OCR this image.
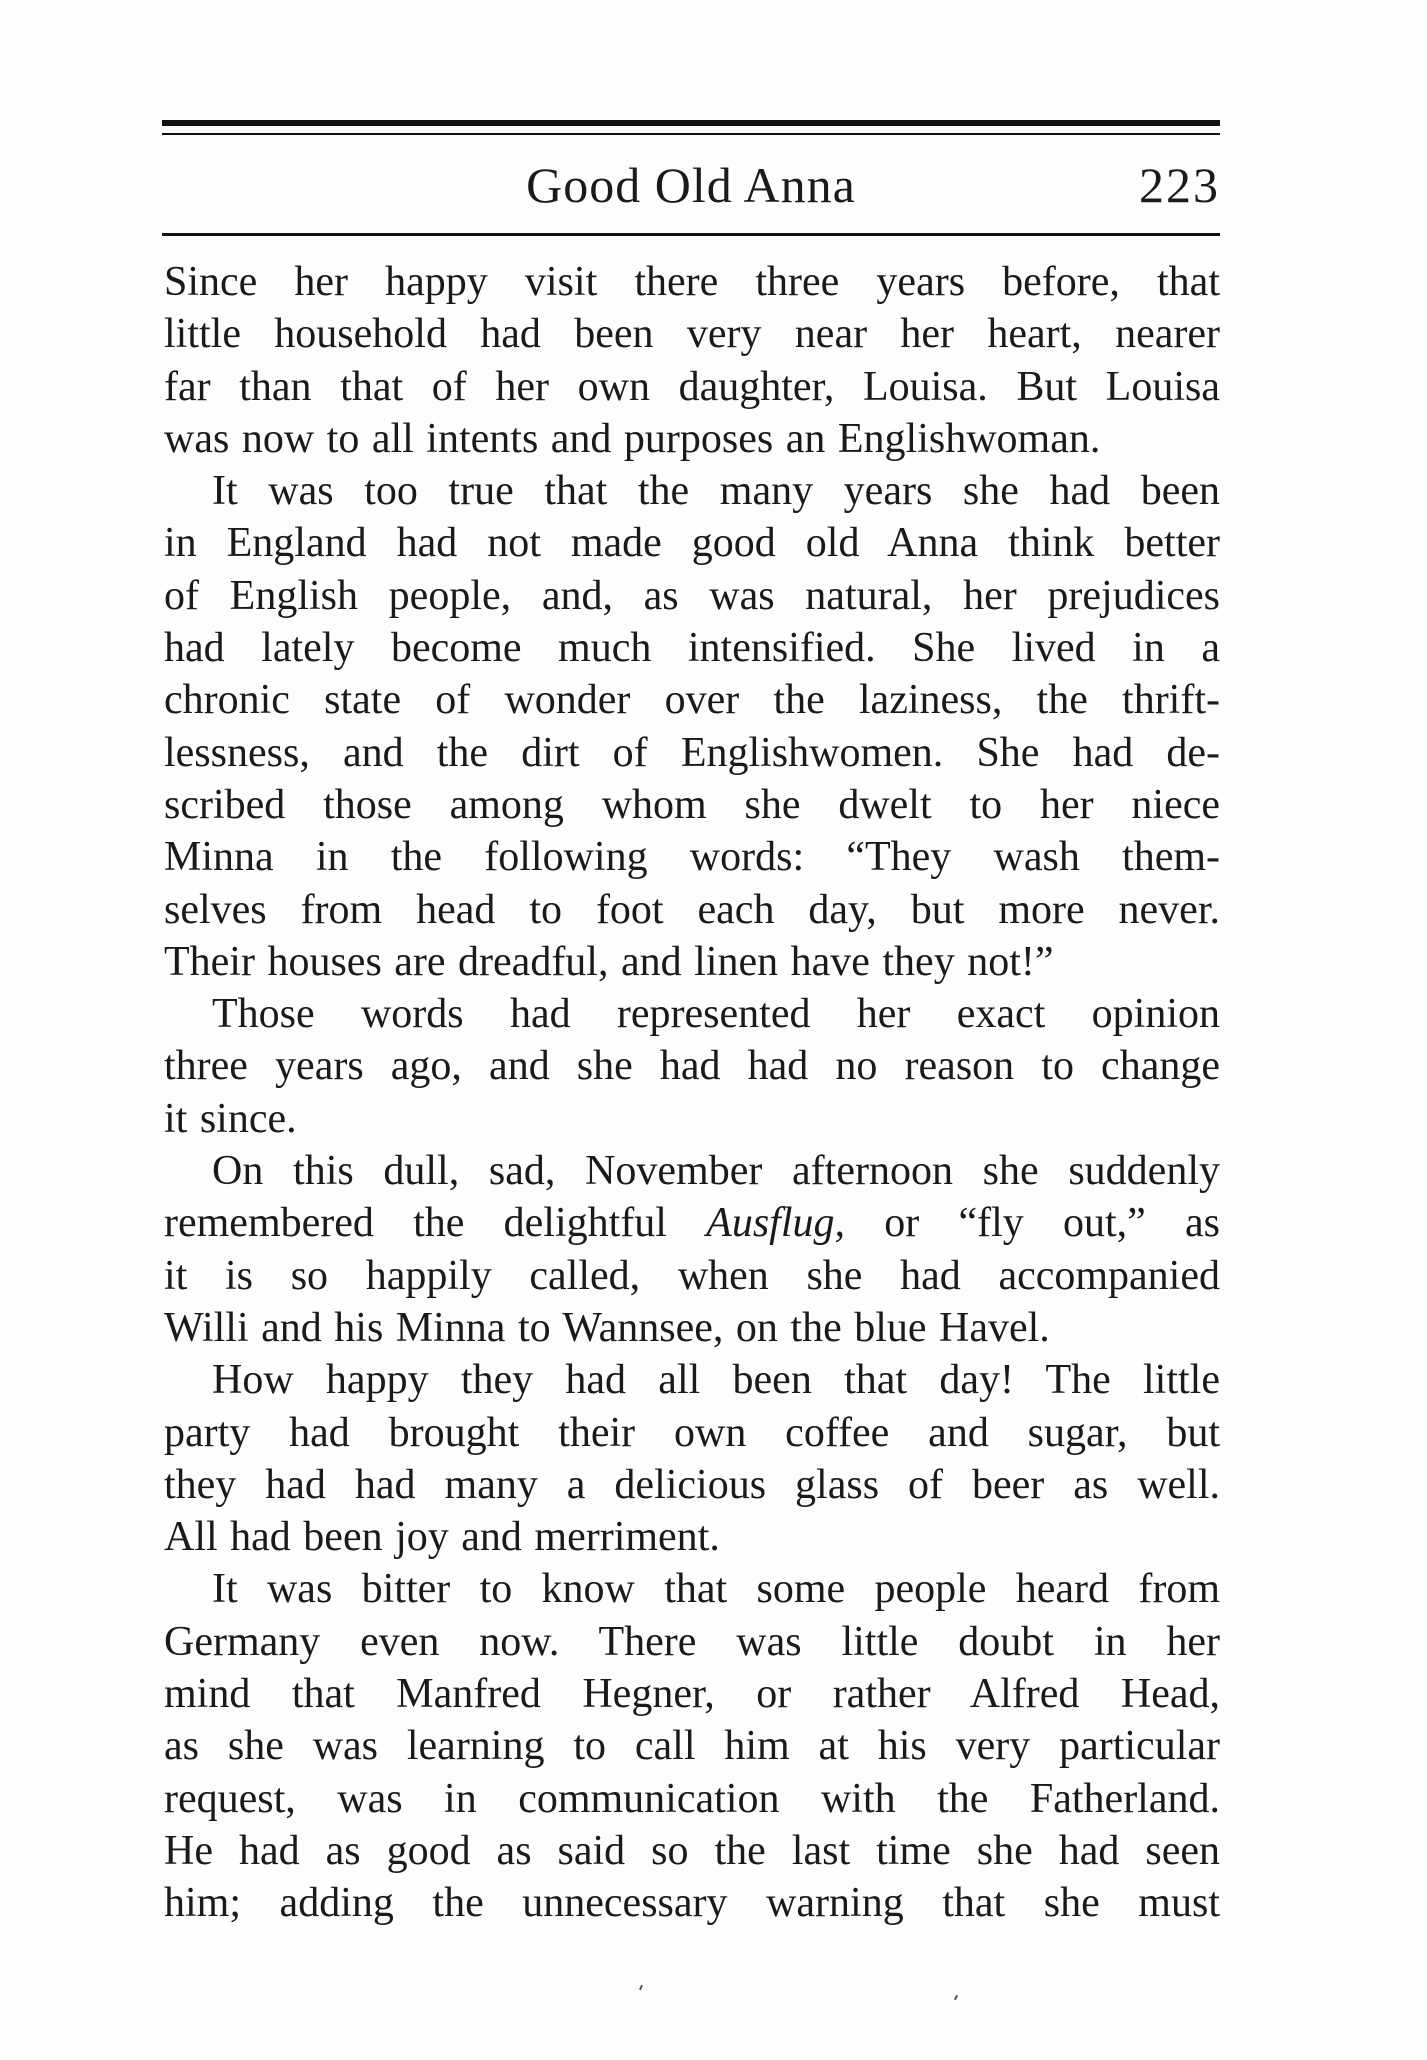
Good Old Anna	223
Since her happy visit there three years before, that
little household had been very near her heart, nearer
far than that of her own daughter, Louisa. But Louisa
was now to all intents and purposes an Englishwoman.
It was too true that the many years she had been
in England had not made good old Anna think better
of English people, and, as was natural, her prejudices
had lately become much intensified. She lived in a
chronic state of wonder over the laziness, the thrift-
lessness, and the dirt of Englishwomen. She had de-
scribed those among whom she dwelt to her niece
Minna in the following words: “They wash them-
selves from head to foot each day, but more never.
Their houses are dreadful, and linen have they not!”
Those words had represented her exact opinion
three years ago, and she had had no reason to change
it since.
On this dull, sad, November afternoon she suddenly
remembered the delightful Ausflug, or “fly out,” as
it is so happily called, when she had accompanied
Willi and his Minna to Wannsee, on the blue Havel.
How happy they had all been that day! The little
party had brought their own coffee and sugar, but
they had had many a delicious glass of beer as well.
All had been joy and merriment.
It was bitter to know that some people heard from
Germany even now. There was little doubt in her
mind that Manfred Hegner, or rather Alfred Head,
as she was learning to call him at his very particular
request, was in communication with the Fatherland.
He had as good as said so the last time she had seen
him; adding the unnecessary warning that she must
